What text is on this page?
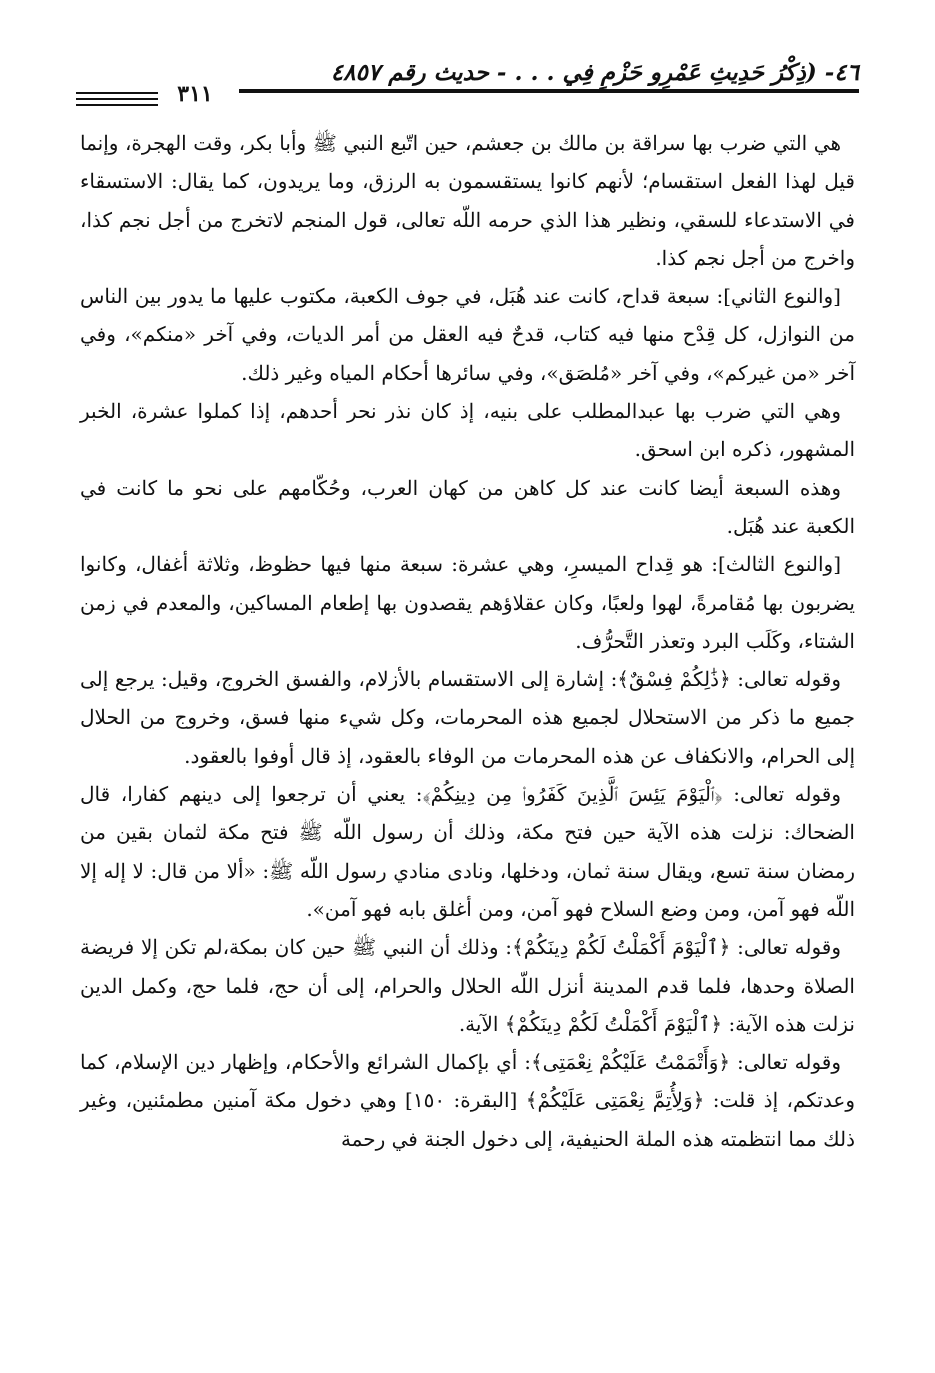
٤٦- (ذِكْرُ حَدِيثِ عَمْرِو حَزْمٍ فِي . . . - حديث رقم ٤٨٥٧
٣١١

هي التي ضرب بها سراقة بن مالك بن جعشم، حين اتّبع النبي ﷺ وأبا بكر، وقت الهجرة، وإنما قيل لهذا الفعل استقسام؛ لأنهم كانوا يستقسمون به الرزق، وما يريدون، كما يقال: الاستسقاء في الاستدعاء للسقي، ونظير هذا الذي حرمه اللّه تعالى، قول المنجم لاتخرج من أجل نجم كذا، واخرج من أجل نجم كذا.

[والنوع الثاني]: سبعة قداح، كانت عند هُبَل، في جوف الكعبة، مكتوب عليها ما يدور بين الناس من النوازل، كل قِدْح منها فيه كتاب، قدحٌ فيه العقل من أمر الديات، وفي آخر «منكم»، وفي آخر «من غيركم»، وفي آخر «مُلصَق»، وفي سائرها أحكام المياه وغير ذلك.

وهي التي ضرب بها عبدالمطلب على بنيه، إذ كان نذر نحر أحدهم، إذا كملوا عشرة، الخبر المشهور، ذكره ابن اسحق.

وهذه السبعة أيضا كانت عند كل كاهن من كهان العرب، وحُكّامهم على نحو ما كانت في الكعبة عند هُبَل.

[والنوع الثالث]: هو قِداح الميسرِ، وهي عشرة: سبعة منها فيها حظوظ، وثلاثة أغفال، وكانوا يضربون بها مُقامرةً، لهوا ولعبًا، وكان عقلاؤهم يقصدون بها إطعام المساكين، والمعدم في زمن الشتاء، وكَلَب البرد وتعذر التَّحرُّف.

وقوله تعالى: ﴿ذَٰلِكُمْ فِسْقٌ﴾: إشارة إلى الاستقسام بالأزلام، والفسق الخروج، وقيل: يرجع إلى جميع ما ذكر من الاستحلال لجميع هذه المحرمات، وكل شيء منها فسق، وخروج من الحلال إلى الحرام، والانكفاف عن هذه المحرمات من الوفاء بالعقود، إذ قال أوفوا بالعقود.

وقوله تعالى: ﴿ٱلْيَوْمَ يَئِسَ ٱلَّذِينَ كَفَرُوا۟ مِن دِينِكُمْ﴾: يعني أن ترجعوا إلى دينهم كفارا، قال الضحاك: نزلت هذه الآية حين فتح مكة، وذلك أن رسول اللّه ﷺ فتح مكة لثمان بقين من رمضان سنة تسع، ويقال سنة ثمان، ودخلها، ونادى منادي رسول اللّه ﷺ: «ألا من قال: لا إله إلا اللّه فهو آمن، ومن وضع السلاح فهو آمن، ومن أغلق بابه فهو آمن».

وقوله تعالى: ﴿ٱلْيَوْمَ أَكْمَلْتُ لَكُمْ دِينَكُمْ﴾: وذلك أن النبي ﷺ حين كان بمكة،لم تكن إلا فريضة الصلاة وحدها، فلما قدم المدينة أنزل اللّه الحلال والحرام، إلى أن حج، فلما حج، وكمل الدين نزلت هذه الآية: ﴿ٱلْيَوْمَ أَكْمَلْتُ لَكُمْ دِينَكُمْ﴾ الآية.

وقوله تعالى: ﴿وَأَتْمَمْتُ عَلَيْكُمْ نِعْمَتِى﴾: أي بإكمال الشرائع والأحكام، وإظهار دين الإسلام، كما وعدتكم، إذ قلت: ﴿وَلِأُتِمَّ نِعْمَتِى عَلَيْكُمْ﴾ [البقرة: ١٥٠] وهي دخول مكة آمنين مطمئنين، وغير ذلك مما انتظمته هذه الملة الحنيفية، إلى دخول الجنة في رحمة
